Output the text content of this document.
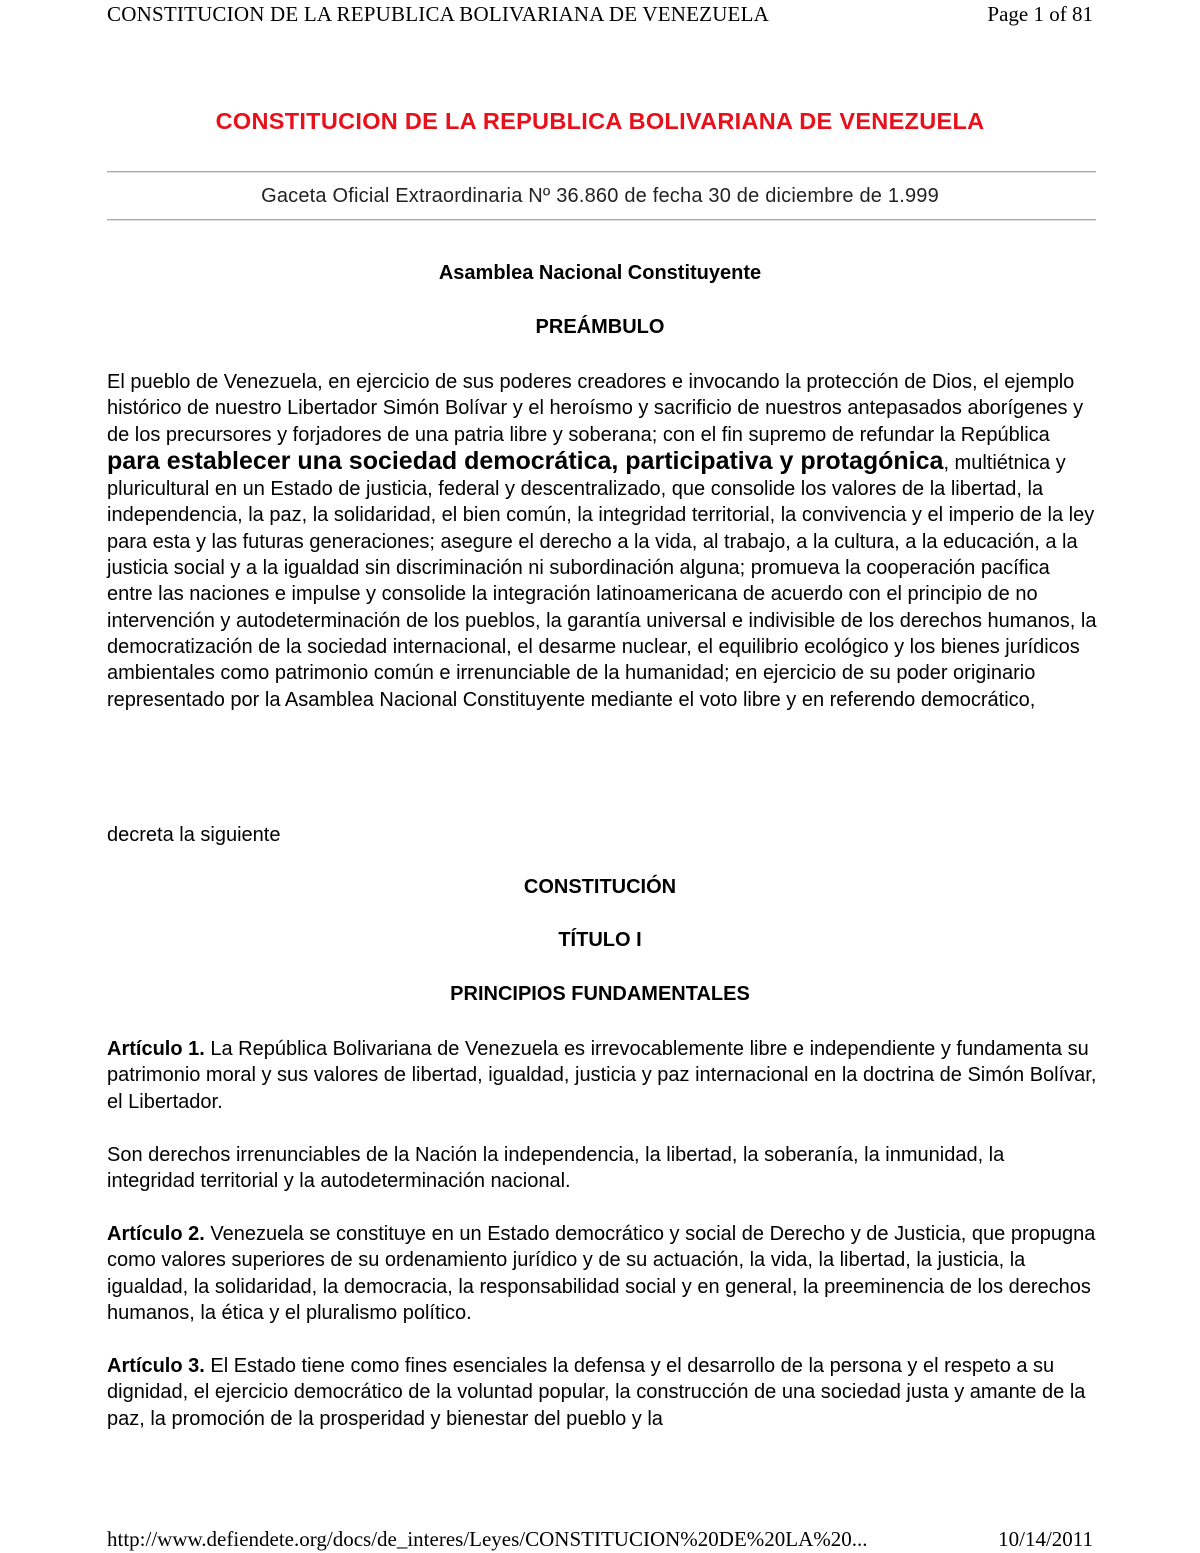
CONSTITUCION DE LA REPUBLICA BOLIVARIANA DE VENEZUELA	Page 1 of 81
CONSTITUCION DE LA REPUBLICA BOLIVARIANA DE VENEZUELA
Gaceta Oficial Extraordinaria Nº 36.860 de fecha 30 de diciembre de 1.999
Asamblea Nacional Constituyente
PREÁMBULO

El pueblo de Venezuela, en ejercicio de sus poderes creadores e invocando la protección de Dios, el ejemplo histórico de nuestro Libertador Simón Bolívar y el heroísmo y sacrificio de nuestros antepasados aborígenes y de los precursores y forjadores de una patria libre y soberana; con el fin supremo de refundar la República para establecer una sociedad democrática, participativa y protagónica, multiétnica y pluricultural en un Estado de justicia, federal y descentralizado, que consolide los valores de la libertad, la independencia, la paz, la solidaridad, el bien común, la integridad territorial, la convivencia y el imperio de la ley para esta y las futuras generaciones; asegure el derecho a la vida, al trabajo, a la cultura, a la educación, a la justicia social y a la igualdad sin discriminación ni subordinación alguna; promueva la cooperación pacífica entre las naciones e impulse y consolide la integración latinoamericana de acuerdo con el principio de no intervención y autodeterminación de los pueblos, la garantía universal e indivisible de los derechos humanos, la democratización de la sociedad internacional, el desarme nuclear, el equilibrio ecológico y los bienes jurídicos ambientales como patrimonio común e irrenunciable de la humanidad; en ejercicio de su poder originario representado por la Asamblea Nacional Constituyente mediante el voto libre y en referendo democrático,

decreta la siguiente
CONSTITUCIÓN
TÍTULO I
PRINCIPIOS FUNDAMENTALES

Artículo 1. La República Bolivariana de Venezuela es irrevocablemente libre e independiente y fundamenta su patrimonio moral y sus valores de libertad, igualdad, justicia y paz internacional en la doctrina de Simón Bolívar, el Libertador.

Son derechos irrenunciables de la Nación la independencia, la libertad, la soberanía, la inmunidad, la integridad territorial y la autodeterminación nacional.

Artículo 2. Venezuela se constituye en un Estado democrático y social de Derecho y de Justicia, que propugna como valores superiores de su ordenamiento jurídico y de su actuación, la vida, la libertad, la justicia, la igualdad, la solidaridad, la democracia, la responsabilidad social y en general, la preeminencia de los derechos humanos, la ética y el pluralismo político.

Artículo 3. El Estado tiene como fines esenciales la defensa y el desarrollo de la persona y el respeto a su dignidad, el ejercicio democrático de la voluntad popular, la construcción de una sociedad justa y amante de la paz, la promoción de la prosperidad y bienestar del pueblo y la

http://www.defiendete.org/docs/de_interes/Leyes/CONSTITUCION%20DE%20LA%20...	10/14/2011
